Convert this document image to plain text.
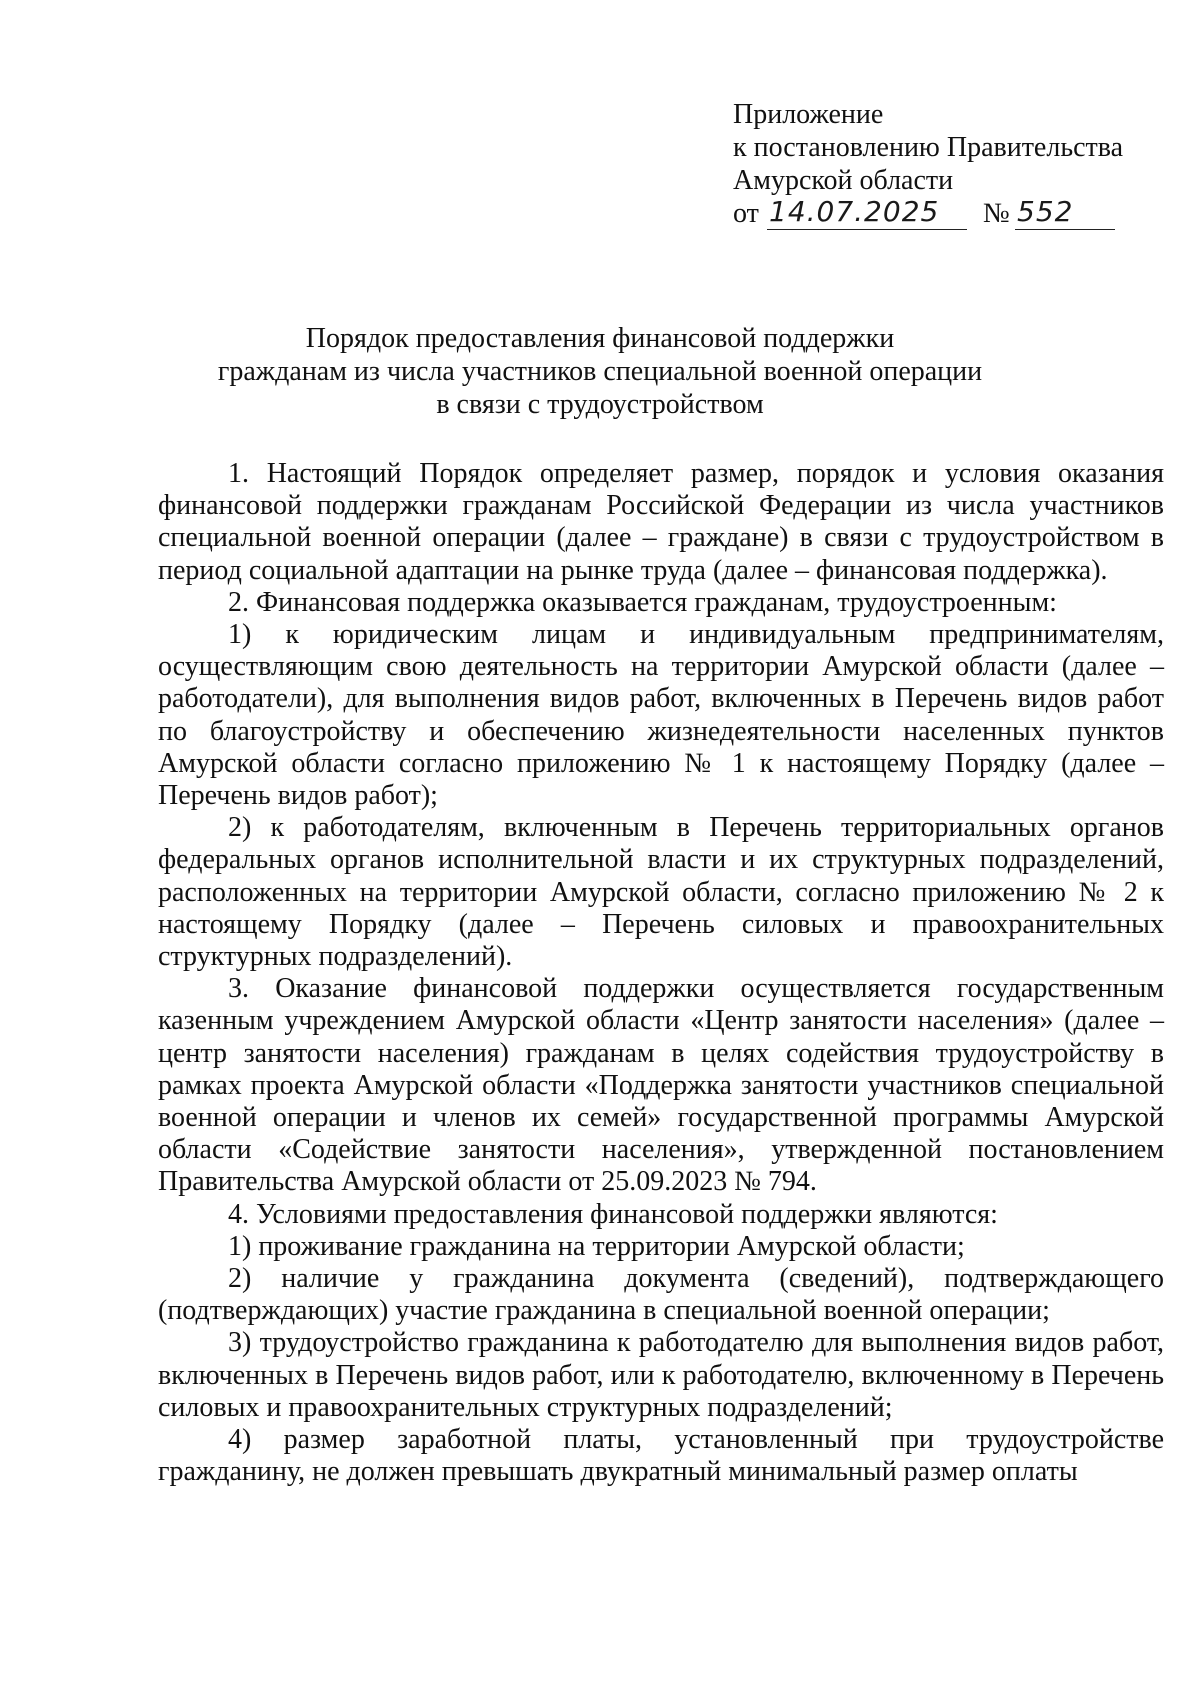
Приложение
к постановлению Правительства
Амурской области
от 14.07.2025 № 552
Порядок предоставления финансовой поддержки
гражданам из числа участников специальной военной операции
в связи с трудоустройством

1. Настоящий Порядок определяет размер, порядок и условия оказания финансовой поддержки гражданам Российской Федерации из числа участников специальной военной операции (далее – граждане) в связи с трудоустройством в период социальной адаптации на рынке труда (далее – финансовая поддержка).

2. Финансовая поддержка оказывается гражданам, трудоустроенным:

1) к юридическим лицам и индивидуальным предпринимателям, осуществляющим свою деятельность на территории Амурской области (далее – работодатели), для выполнения видов работ, включенных в Перечень видов работ по благоустройству и обеспечению жизнедеятельности населенных пунктов Амурской области согласно приложению № 1 к настоящему Порядку (далее – Перечень видов работ);

2) к работодателям, включенным в Перечень территориальных органов федеральных органов исполнительной власти и их структурных подразделений, расположенных на территории Амурской области, согласно приложению № 2 к настоящему Порядку (далее – Перечень силовых и правоохранительных структурных подразделений).

3. Оказание финансовой поддержки осуществляется государственным казенным учреждением Амурской области «Центр занятости населения» (далее – центр занятости населения) гражданам в целях содействия трудоустройству в рамках проекта Амурской области «Поддержка занятости участников специальной военной операции и членов их семей» государственной программы Амурской области «Содействие занятости населения», утвержденной постановлением Правительства Амурской области от 25.09.2023 № 794.

4. Условиями предоставления финансовой поддержки являются:

1) проживание гражданина на территории Амурской области;

2) наличие у гражданина документа (сведений), подтверждающего (подтверждающих) участие гражданина в специальной военной операции;

3) трудоустройство гражданина к работодателю для выполнения видов работ, включенных в Перечень видов работ, или к работодателю, включенному в Перечень силовых и правоохранительных структурных подразделений;

4) размер заработной платы, установленный при трудоустройстве гражданину, не должен превышать двукратный минимальный размер оплаты
